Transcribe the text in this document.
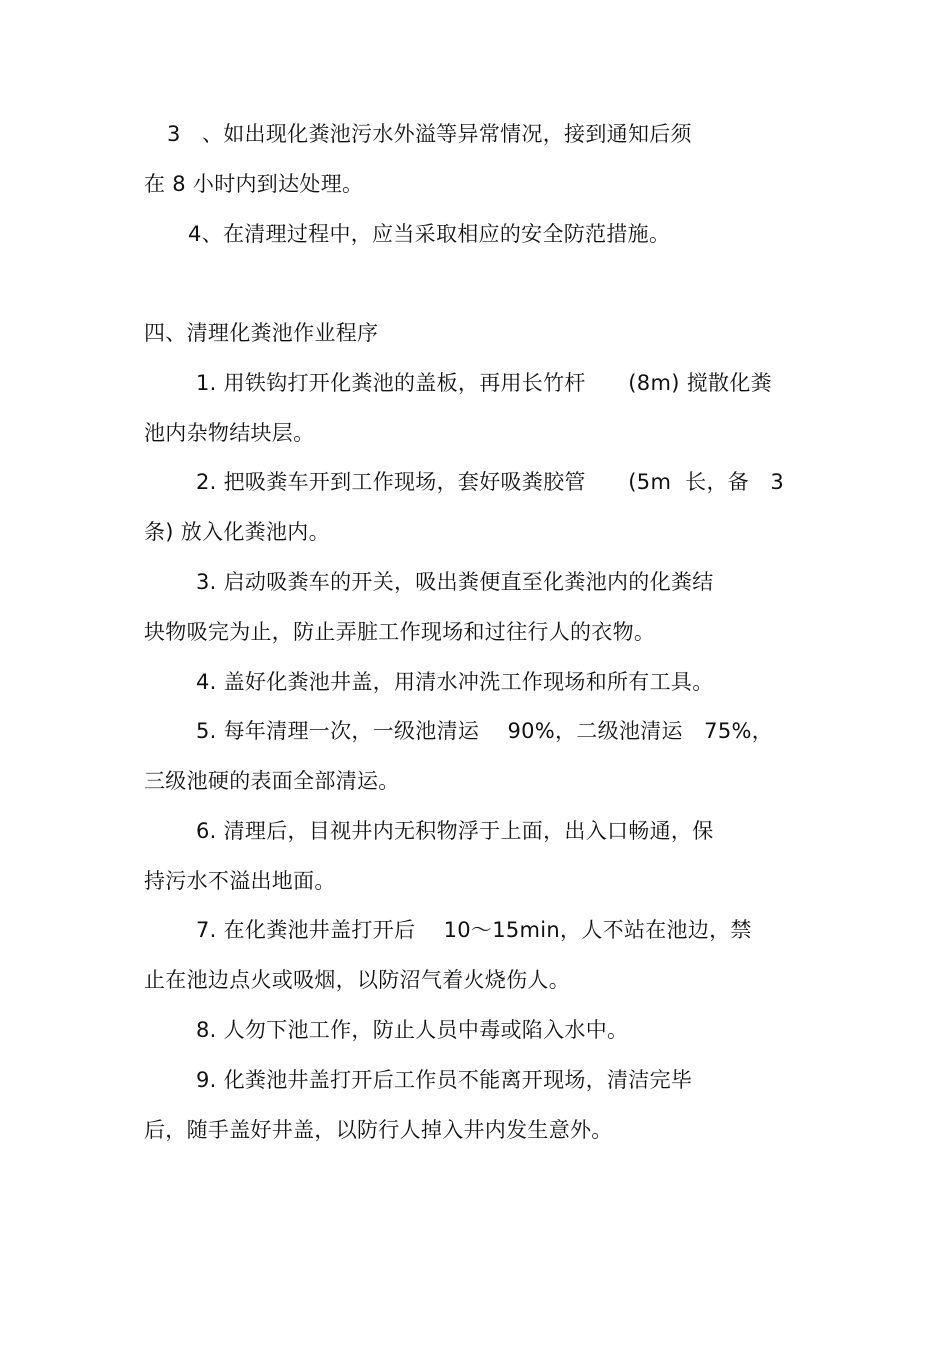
3　、如出现化粪池污水外溢等异常情况，接到通知后须
在 8 小时内到达处理。
4、在清理过程中，应当采取相应的安全防范措施。
四、清理化粪池作业程序
1. 用铁钩打开化粪池的盖板，再用长竹杆　　(8m) 搅散化粪
池内杂物结块层。
2. 把吸粪车开到工作现场，套好吸粪胶管　　(5m  长，备　3
条) 放入化粪池内。
3. 启动吸粪车的开关，吸出粪便直至化粪池内的化粪结
块物吸完为止，防止弄脏工作现场和过往行人的衣物。
4. 盖好化粪池井盖，用清水冲洗工作现场和所有工具。
5. 每年清理一次，一级池清运　 90%，二级池清运　75%，
三级池硬的表面全部清运。
6. 清理后，目视井内无积物浮于上面，出入口畅通，保
持污水不溢出地面。
7. 在化粪池井盖打开后　 10～15min，人不站在池边，禁
止在池边点火或吸烟，以防沼气着火烧伤人。
8. 人勿下池工作，防止人员中毒或陷入水中。
9. 化粪池井盖打开后工作员不能离开现场，清洁完毕
后，随手盖好井盖，以防行人掉入井内发生意外。
